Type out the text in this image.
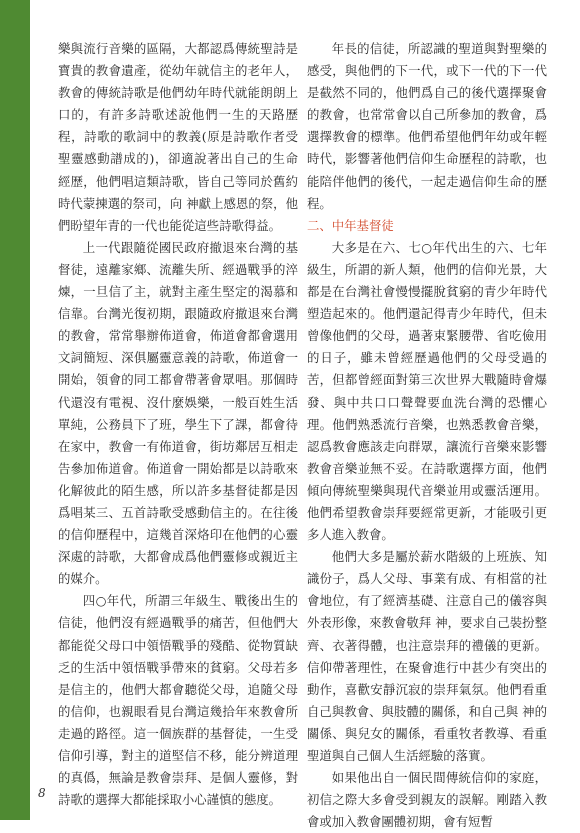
樂與流行音樂的區隔，大都認爲傳統聖詩是寶貴的教會遺產，從幼年就信主的老年人，教會的傳統詩歌是他們幼年時代就能朗朗上口的，有許多詩歌述說他們一生的天路歷程，詩歌的歌詞中的教義(原是詩歌作者受聖靈感動譜成的)，卻適說著出自己的生命經歷，他們唱這類詩歌，皆自己等同於舊約時代蒙揀選的祭司，向 神獻上感恩的祭，他們盼望年青的一代也能從這些詩歌得益。

上一代跟隨從國民政府撤退來台灣的基督徒，遠離家鄉、流離失所、經過戰爭的淬煉，一旦信了主，就對主產生堅定的渴慕和信靠。台灣光復初期，跟隨政府撤退來台灣的教會，常常舉辦佈道會，佈道會都會選用文詞簡短、深俱屬靈意義的詩歌，佈道會一開始，領會的同工都會帶著會眾唱。那個時代還沒有電視、沒什麼娛樂，一般百姓生活單純，公務員下了班，學生下了課，都會待在家中，教會一有佈道會，街坊鄰居互相走告參加佈道會。佈道會一開始都是以詩歌來化解彼此的陌生感，所以許多基督徒都是因爲唱某三、五首詩歌受感動信主的。在往後的信仰歷程中，這幾首深烙印在他們的心靈深處的詩歌，大都會成爲他們靈修或親近主的媒介。

四○年代，所謂三年級生、戰後出生的信徒，他們沒有經過戰爭的痛苦，但他們大都能從父母口中領悟戰爭的殘酷、從物質缺乏的生活中領悟戰爭帶來的貧窮。父母若多是信主的，他們大都會聽從父母，追隨父母的信仰，也親眼看見台灣這幾拾年來教會所走過的路徑。這一個族群的基督徒，一生受信仰引導，對主的道堅信不移，能分辨道理的真僞，無論是教會崇拜、是個人靈修，對詩歌的選擇大都能採取小心謹慎的態度。

年長的信徒，所認識的聖道與對聖樂的感受，與他們的下一代，或下一代的下一代是截然不同的，他們爲自己的後代選擇聚會的教會，也常常會以自己所參加的教會，爲選擇教會的標準。他們希望他們年幼或年輕時代，影響著他們信仰生命歷程的詩歌，也能陪伴他們的後代，一起走過信仰生命的歷程。

二、中年基督徒

大多是在六、七○年代出生的六、七年級生，所謂的新人類，他們的信仰光景，大都是在台灣社會慢慢擺脫貧窮的青少年時代塑造起來的。他們還記得青少年時代，但未曾像他們的父母，過著束緊腰帶、省吃儉用的日子，雖未曾經歷過他們的父母受過的苦，但都曾經面對第三次世界大戰隨時會爆發、與中共口口聲聲要血洗台灣的恐懼心理。他們熟悉流行音樂，也熟悉教會音樂，認爲教會應該走向群眾，讓流行音樂來影響教會音樂並無不妥。在詩歌選擇方面，他們傾向傳統聖樂與現代音樂並用或靈活運用。他們希望教會崇拜要經常更新，才能吸引更多人進入教會。

他們大多是屬於薪水階級的上班族、知識份子，爲人父母、事業有成、有相當的社會地位，有了經濟基礎、注意自己的儀容與外表形像，來教會敬拜 神，要求自己裝扮整齊、衣著得體，也注意崇拜的禮儀的更新。信仰帶著理性，在聚會進行中甚少有突出的動作，喜歡安靜沉寂的崇拜氣氛。他們看重自己與教會、與肢體的關係，和自己與 神的關係、與兒女的關係，看重牧者教導、看重聖道與自己個人生活經驗的落實。

如果他出自一個民間傳統信仰的家庭，初信之際大多會受到親友的誤解。剛踏入教會或加入教會團體初期，會有短暫

8
